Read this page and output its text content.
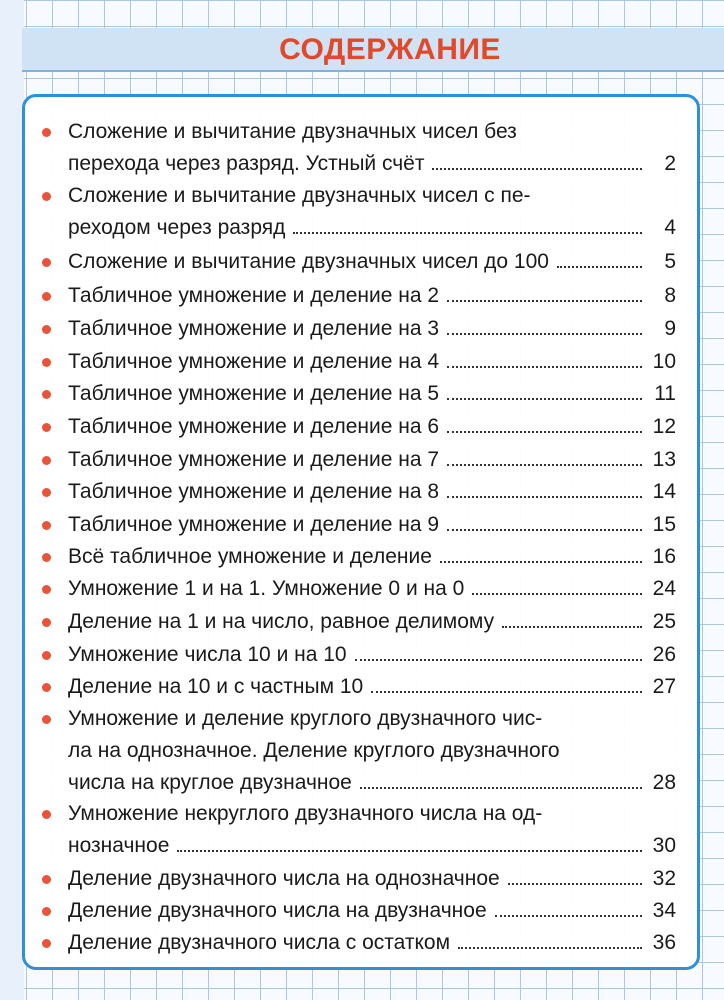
СОДЕРЖАНИЕ
Сложение и вычитание двузначных чисел без
перехода через разряд. Устный счёт	2
Сложение и вычитание двузначных чисел с пе-
реходом через разряд	4
Сложение и вычитание двузначных чисел до 100	5
Табличное умножение и деление на 2	8
Табличное умножение и деление на 3	9
Табличное умножение и деление на 4	10
Табличное умножение и деление на 5	11
Табличное умножение и деление на 6	12
Табличное умножение и деление на 7	13
Табличное умножение и деление на 8	14
Табличное умножение и деление на 9	15
Всё табличное умножение и деление	16
Умножение 1 и на 1. Умножение 0 и на 0	24
Деление на 1 и на число, равное делимому	25
Умножение числа 10 и на 10	26
Деление на 10 и с частным 10	27
Умножение и деление круглого двузначного чис-
ла на однозначное. Деление круглого двузначного
числа на круглое двузначное	28
Умножение некруглого двузначного числа на од-
нозначное	30
Деление двузначного числа на однозначное	32
Деление двузначного числа на двузначное	34
Деление двузначного числа с остатком	36
